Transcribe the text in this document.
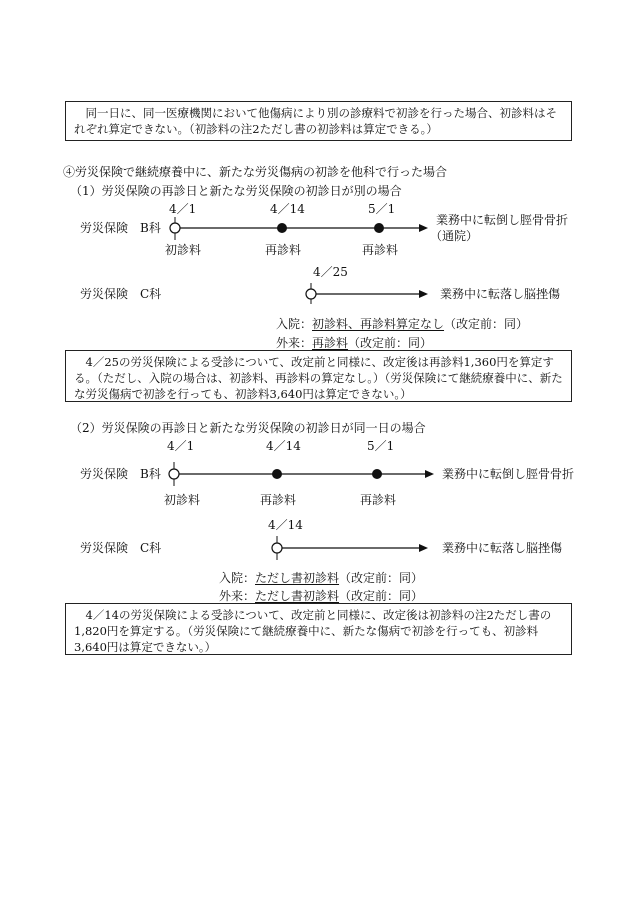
同一日に、同一医療機関において他傷病により別の診療料で初診を行った場合、初診料はそれぞれ算定できない。（初診料の注2ただし書の初診料は算定できる。）

④労災保険で継続療養中に、新たな労災傷病の初診を他科で行った場合
（1）労災保険の再診日と新たな労災保険の初診日が別の場合
4／1	4／14	5／1
労災保険　B科
業務中に転倒し脛骨骨折
（通院）
初診料	再診料	再診料
4／25
労災保険　C科	業務中に転落し脳挫傷
入院：初診料、再診料算定なし（改定前：同）
外来：再診料（改定前：同）

4／25の労災保険による受診について、改定前と同様に、改定後は再診料1,360円を算定する。（ただし、入院の場合は、初診料、再診料の算定なし。）（労災保険にて継続療養中に、新たな労災傷病で初診を行っても、初診料3,640円は算定できない。）

（2）労災保険の再診日と新たな労災保険の初診日が同一日の場合
4／1	4／14	5／1
労災保険　B科	業務中に転倒し脛骨骨折
初診料	再診料	再診料
4／14
労災保険　C科	業務中に転落し脳挫傷
入院：ただし書初診料（改定前：同）
外来：ただし書初診料（改定前：同）

4／14の労災保険による受診について、改定前と同様に、改定後は初診料の注2ただし書の1,820円を算定する。（労災保険にて継続療養中に、新たな傷病で初診を行っても、初診料3,640円は算定できない。）
